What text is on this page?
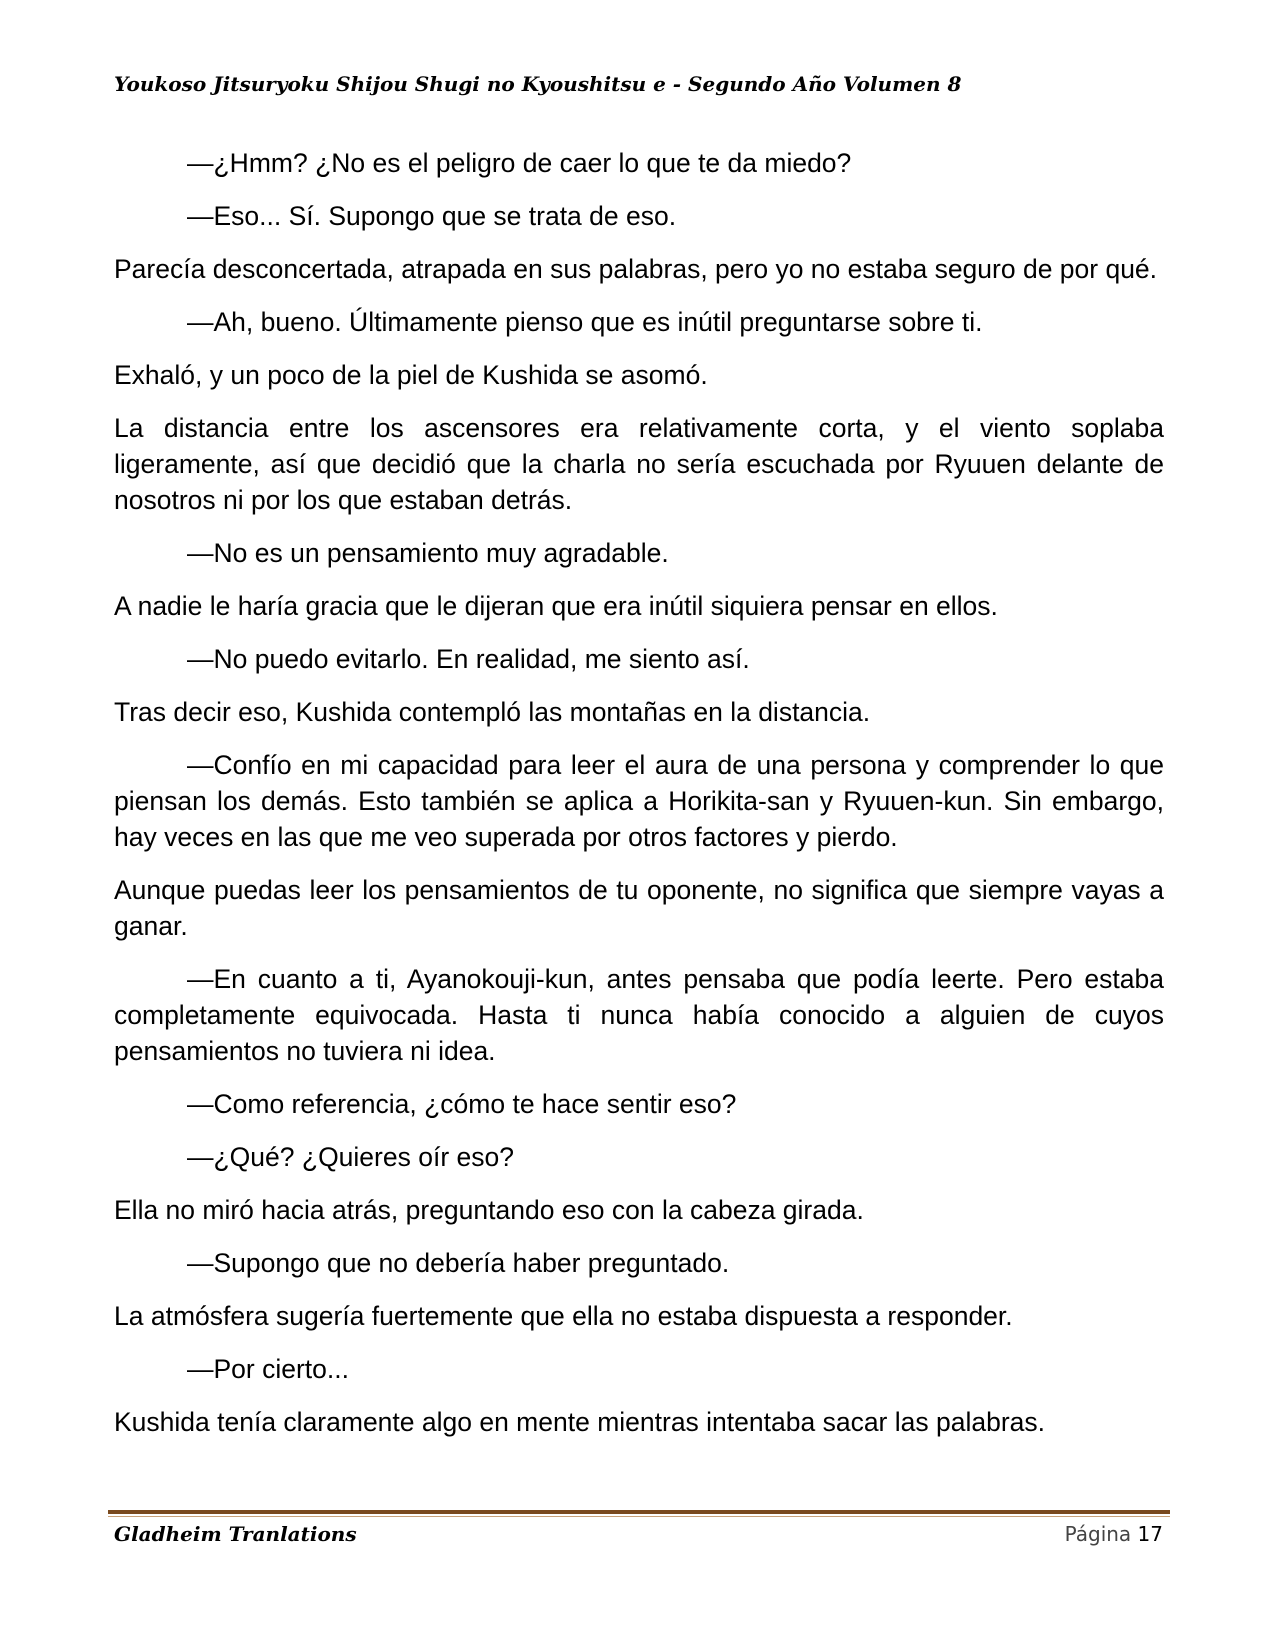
Youkoso Jitsuryoku Shijou Shugi no Kyoushitsu e - Segundo Año Volumen 8

—¿Hmm? ¿No es el peligro de caer lo que te da miedo?

—Eso... Sí. Supongo que se trata de eso.

Parecía desconcertada, atrapada en sus palabras, pero yo no estaba seguro de por qué.

—Ah, bueno. Últimamente pienso que es inútil preguntarse sobre ti.

Exhaló, y un poco de la piel de Kushida se asomó.

La distancia entre los ascensores era relativamente corta, y el viento soplaba ligeramente, así que decidió que la charla no sería escuchada por Ryuuen delante de nosotros ni por los que estaban detrás.

—No es un pensamiento muy agradable.

A nadie le haría gracia que le dijeran que era inútil siquiera pensar en ellos.

—No puedo evitarlo. En realidad, me siento así.

Tras decir eso, Kushida contempló las montañas en la distancia.

—Confío en mi capacidad para leer el aura de una persona y comprender lo que piensan los demás. Esto también se aplica a Horikita-san y Ryuuen-kun. Sin embargo, hay veces en las que me veo superada por otros factores y pierdo.

Aunque puedas leer los pensamientos de tu oponente, no significa que siempre vayas a ganar.

—En cuanto a ti, Ayanokouji-kun, antes pensaba que podía leerte. Pero estaba completamente equivocada. Hasta ti nunca había conocido a alguien de cuyos pensamientos no tuviera ni idea.

—Como referencia, ¿cómo te hace sentir eso?

—¿Qué? ¿Quieres oír eso?

Ella no miró hacia atrás, preguntando eso con la cabeza girada.

—Supongo que no debería haber preguntado.

La atmósfera sugería fuertemente que ella no estaba dispuesta a responder.

—Por cierto...

Kushida tenía claramente algo en mente mientras intentaba sacar las palabras.

Gladheim Tranlations	Página 17
